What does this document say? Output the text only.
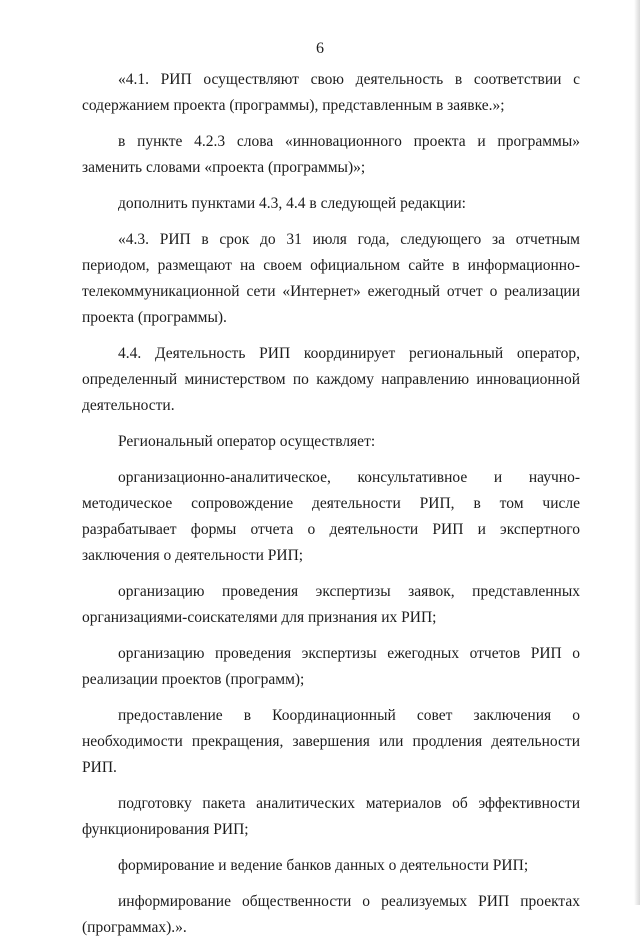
6

«4.1. РИП осуществляют свою деятельность в соответствии с содержанием проекта (программы), представленным в заявке.»;

в пункте 4.2.3 слова «инновационного проекта и программы» заменить словами «проекта (программы)»;

дополнить пунктами 4.3, 4.4 в следующей редакции:

«4.3. РИП в срок до 31 июля года, следующего за отчетным периодом, размещают на своем официальном сайте в информационно-телекоммуникационной сети «Интернет» ежегодный отчет о реализации проекта (программы).

4.4. Деятельность РИП координирует региональный оператор, определенный министерством по каждому направлению инновационной деятельности.

Региональный оператор осуществляет:

организационно-аналитическое, консультативное и научно-методическое сопровождение деятельности РИП, в том числе разрабатывает формы отчета о деятельности РИП и экспертного заключения о деятельности РИП;

организацию проведения экспертизы заявок, представленных организациями-соискателями для признания их РИП;

организацию проведения экспертизы ежегодных отчетов РИП о реализации проектов (программ);

предоставление в Координационный совет заключения о необходимости прекращения, завершения или продления деятельности РИП.

подготовку пакета аналитических материалов об эффективности функционирования РИП;

формирование и ведение банков данных о деятельности РИП;

информирование общественности о реализуемых РИП проектах (программах).».
